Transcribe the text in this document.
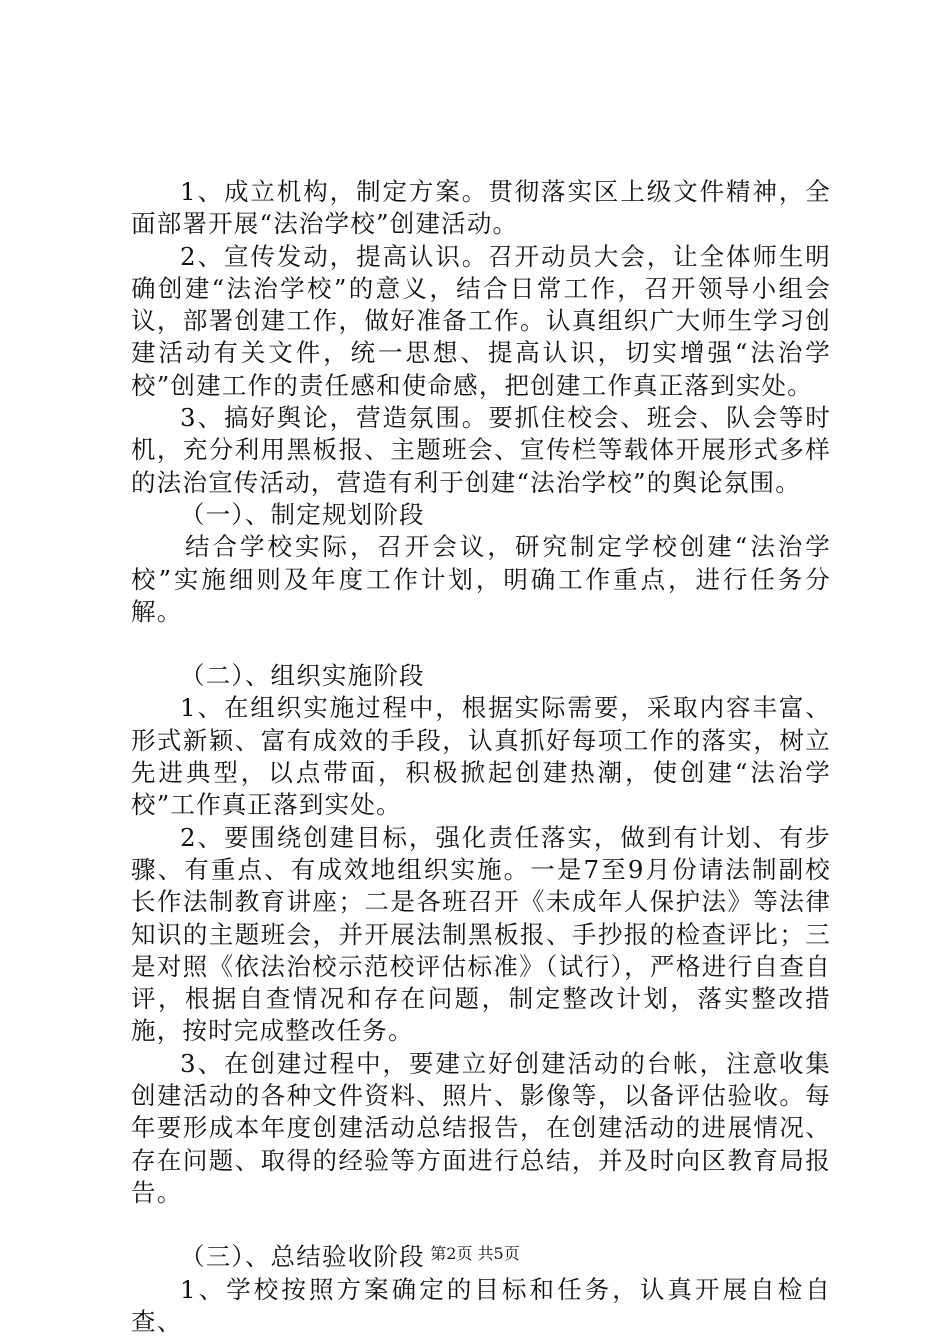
1、成立机构，制定方案。贯彻落实区上级文件精神，全面部署开展“法治学校”创建活动。

2、宣传发动，提高认识。召开动员大会，让全体师生明确创建“法治学校”的意义，结合日常工作，召开领导小组会议，部署创建工作，做好准备工作。认真组织广大师生学习创建活动有关文件，统一思想、提高认识，切实增强“法治学校”创建工作的责任感和使命感，把创建工作真正落到实处。

3、搞好舆论，营造氛围。要抓住校会、班会、队会等时机，充分利用黑板报、主题班会、宣传栏等载体开展形式多样的法治宣传活动，营造有利于创建“法治学校”的舆论氛围。

（一）、制定规划阶段

结合学校实际，召开会议，研究制定学校创建“法治学校”实施细则及年度工作计划，明确工作重点，进行任务分解。

（二）、组织实施阶段

1、在组织实施过程中，根据实际需要，采取内容丰富、形式新颖、富有成效的手段，认真抓好每项工作的落实，树立先进典型，以点带面，积极掀起创建热潮，使创建“法治学校”工作真正落到实处。

2、要围绕创建目标，强化责任落实，做到有计划、有步骤、有重点、有成效地组织实施。一是7至9月份请法制副校长作法制教育讲座；二是各班召开《未成年人保护法》等法律知识的主题班会，并开展法制黑板报、手抄报的检查评比；三是对照《依法治校示范校评估标准》（试行），严格进行自查自评，根据自查情况和存在问题，制定整改计划，落实整改措施，按时完成整改任务。

3、在创建过程中，要建立好创建活动的台帐，注意收集创建活动的各种文件资料、照片、影像等，以备评估验收。每年要形成本年度创建活动总结报告，在创建活动的进展情况、存在问题、取得的经验等方面进行总结，并及时向区教育局报告。

（三）、总结验收阶段

1、学校按照方案确定的目标和任务，认真开展自检自查、

第2页 共5页
